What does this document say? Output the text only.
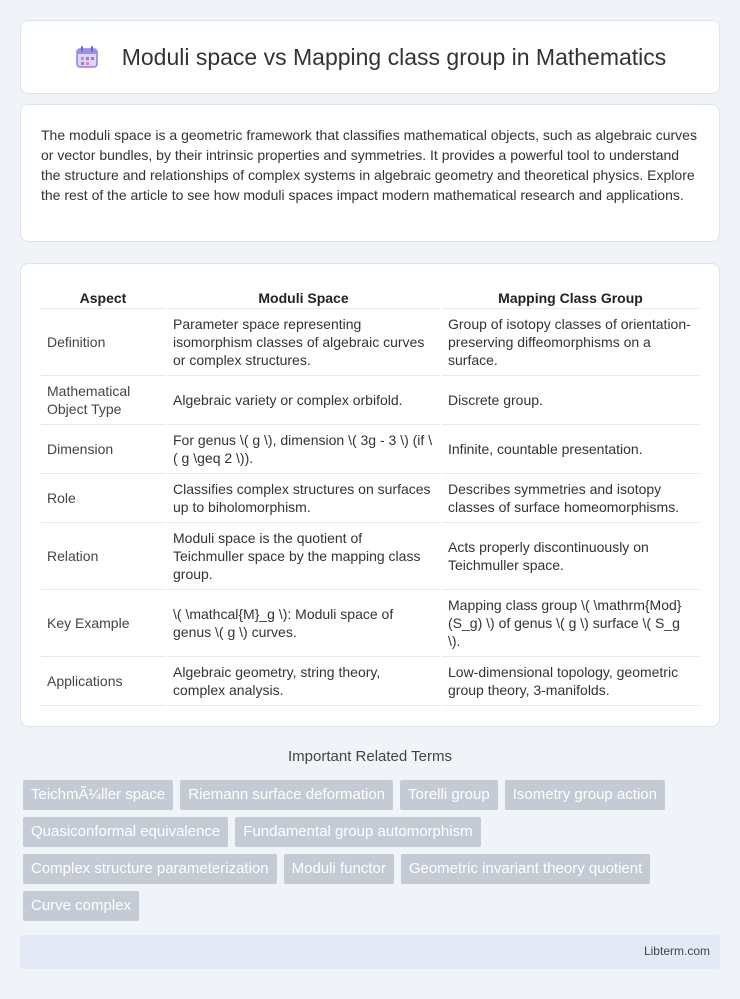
Moduli space vs Mapping class group in Mathematics

The moduli space is a geometric framework that classifies mathematical objects, such as algebraic curves or vector bundles, by their intrinsic properties and symmetries. It provides a powerful tool to understand the structure and relationships of complex systems in algebraic geometry and theoretical physics. Explore the rest of the article to see how moduli spaces impact modern mathematical research and applications.

Aspect	Moduli Space	Mapping Class Group
Definition	Parameter space representing isomorphism classes of algebraic curves or complex structures.	Group of isotopy classes of orientation-preserving diffeomorphisms on a surface.
Mathematical Object Type	Algebraic variety or complex orbifold.	Discrete group.
Dimension	For genus \( g \), dimension \( 3g - 3 \) (if \( g \geq 2 \)).	Infinite, countable presentation.
Role	Classifies complex structures on surfaces up to biholomorphism.	Describes symmetries and isotopy classes of surface homeomorphisms.
Relation	Moduli space is the quotient of Teichmuller space by the mapping class group.	Acts properly discontinuously on Teichmuller space.
Key Example	\( \mathcal{M}_g \): Moduli space of genus \( g \) curves.	Mapping class group \( \mathrm{Mod}(S_g) \) of genus \( g \) surface \( S_g \).
Applications	Algebraic geometry, string theory, complex analysis.	Low-dimensional topology, geometric group theory, 3-manifolds.
Important Related Terms
TeichmÃ¼ller space	Riemann surface deformation	Torelli group	Isometry group action
Quasiconformal equivalence	Fundamental group automorphism
Complex structure parameterization	Moduli functor	Geometric invariant theory quotient
Curve complex
Libterm.com
